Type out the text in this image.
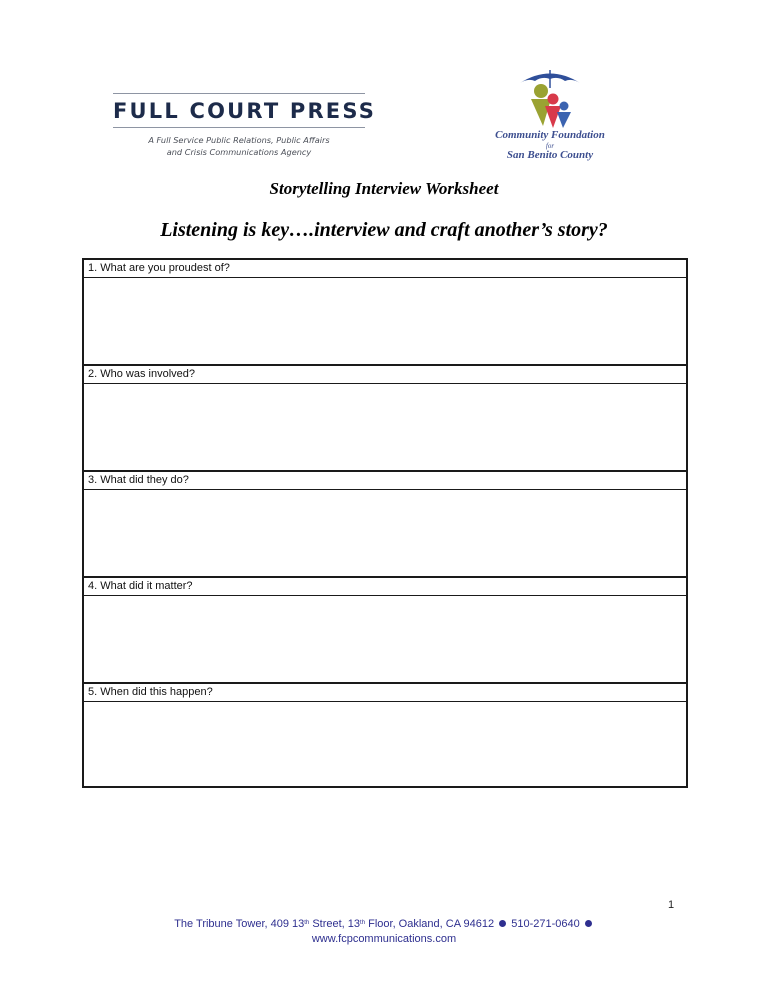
FULL COURT PRESS
A Full Service Public Relations, Public Affairs
and Crisis Communications Agency
Community Foundation
for
San Benito County
Storytelling Interview Worksheet
Listening is key….interview and craft another’s story?
1. What are you proudest of?
2. Who was involved?
3. What did they do?
4. What did it matter?
5. When did this happen?
1
The Tribune Tower, 409 13th Street, 13th Floor, Oakland, CA 94612 510-271-0640
www.fcpcommunications.com
